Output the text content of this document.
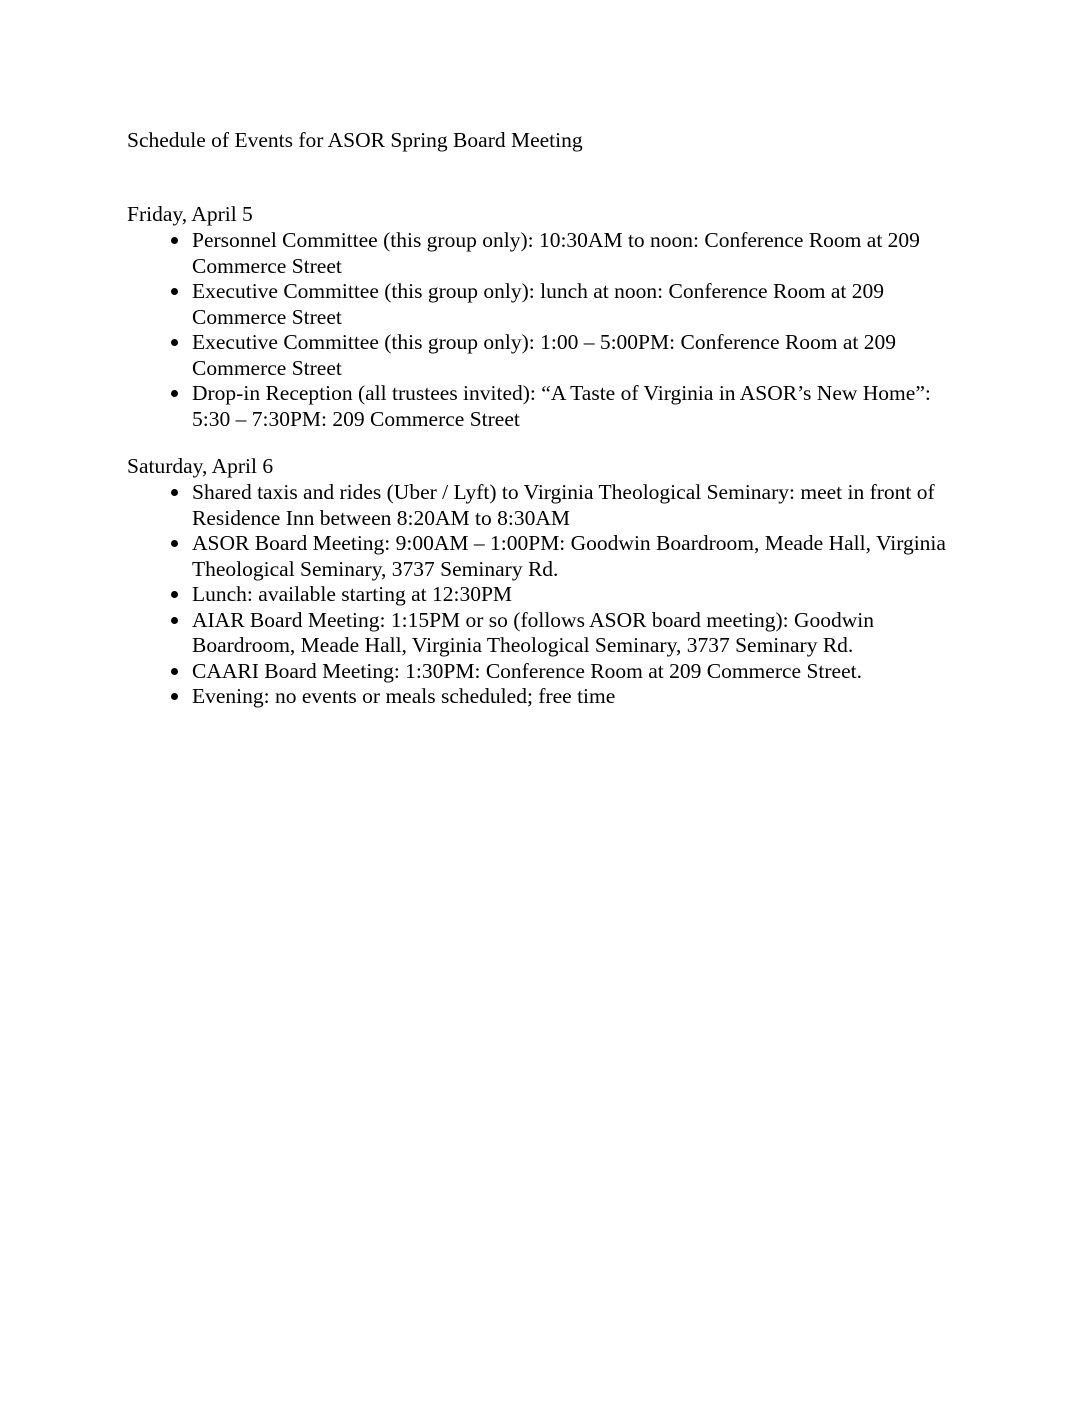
Schedule of Events for ASOR Spring Board Meeting

Friday, April 5

Personnel Committee (this group only): 10:30AM to noon: Conference Room at 209 Commerce Street
Executive Committee (this group only): lunch at noon: Conference Room at 209 Commerce Street
Executive Committee (this group only): 1:00 – 5:00PM: Conference Room at 209 Commerce Street
Drop-in Reception (all trustees invited): “A Taste of Virginia in ASOR’s New Home”: 5:30 – 7:30PM: 209 Commerce Street

Saturday, April 6

Shared taxis and rides (Uber / Lyft) to Virginia Theological Seminary: meet in front of Residence Inn between 8:20AM to 8:30AM
ASOR Board Meeting: 9:00AM – 1:00PM: Goodwin Boardroom, Meade Hall, Virginia Theological Seminary, 3737 Seminary Rd.
Lunch: available starting at 12:30PM
AIAR Board Meeting: 1:15PM or so (follows ASOR board meeting): Goodwin Boardroom, Meade Hall, Virginia Theological Seminary, 3737 Seminary Rd.
CAARI Board Meeting: 1:30PM: Conference Room at 209 Commerce Street.
Evening: no events or meals scheduled; free time
